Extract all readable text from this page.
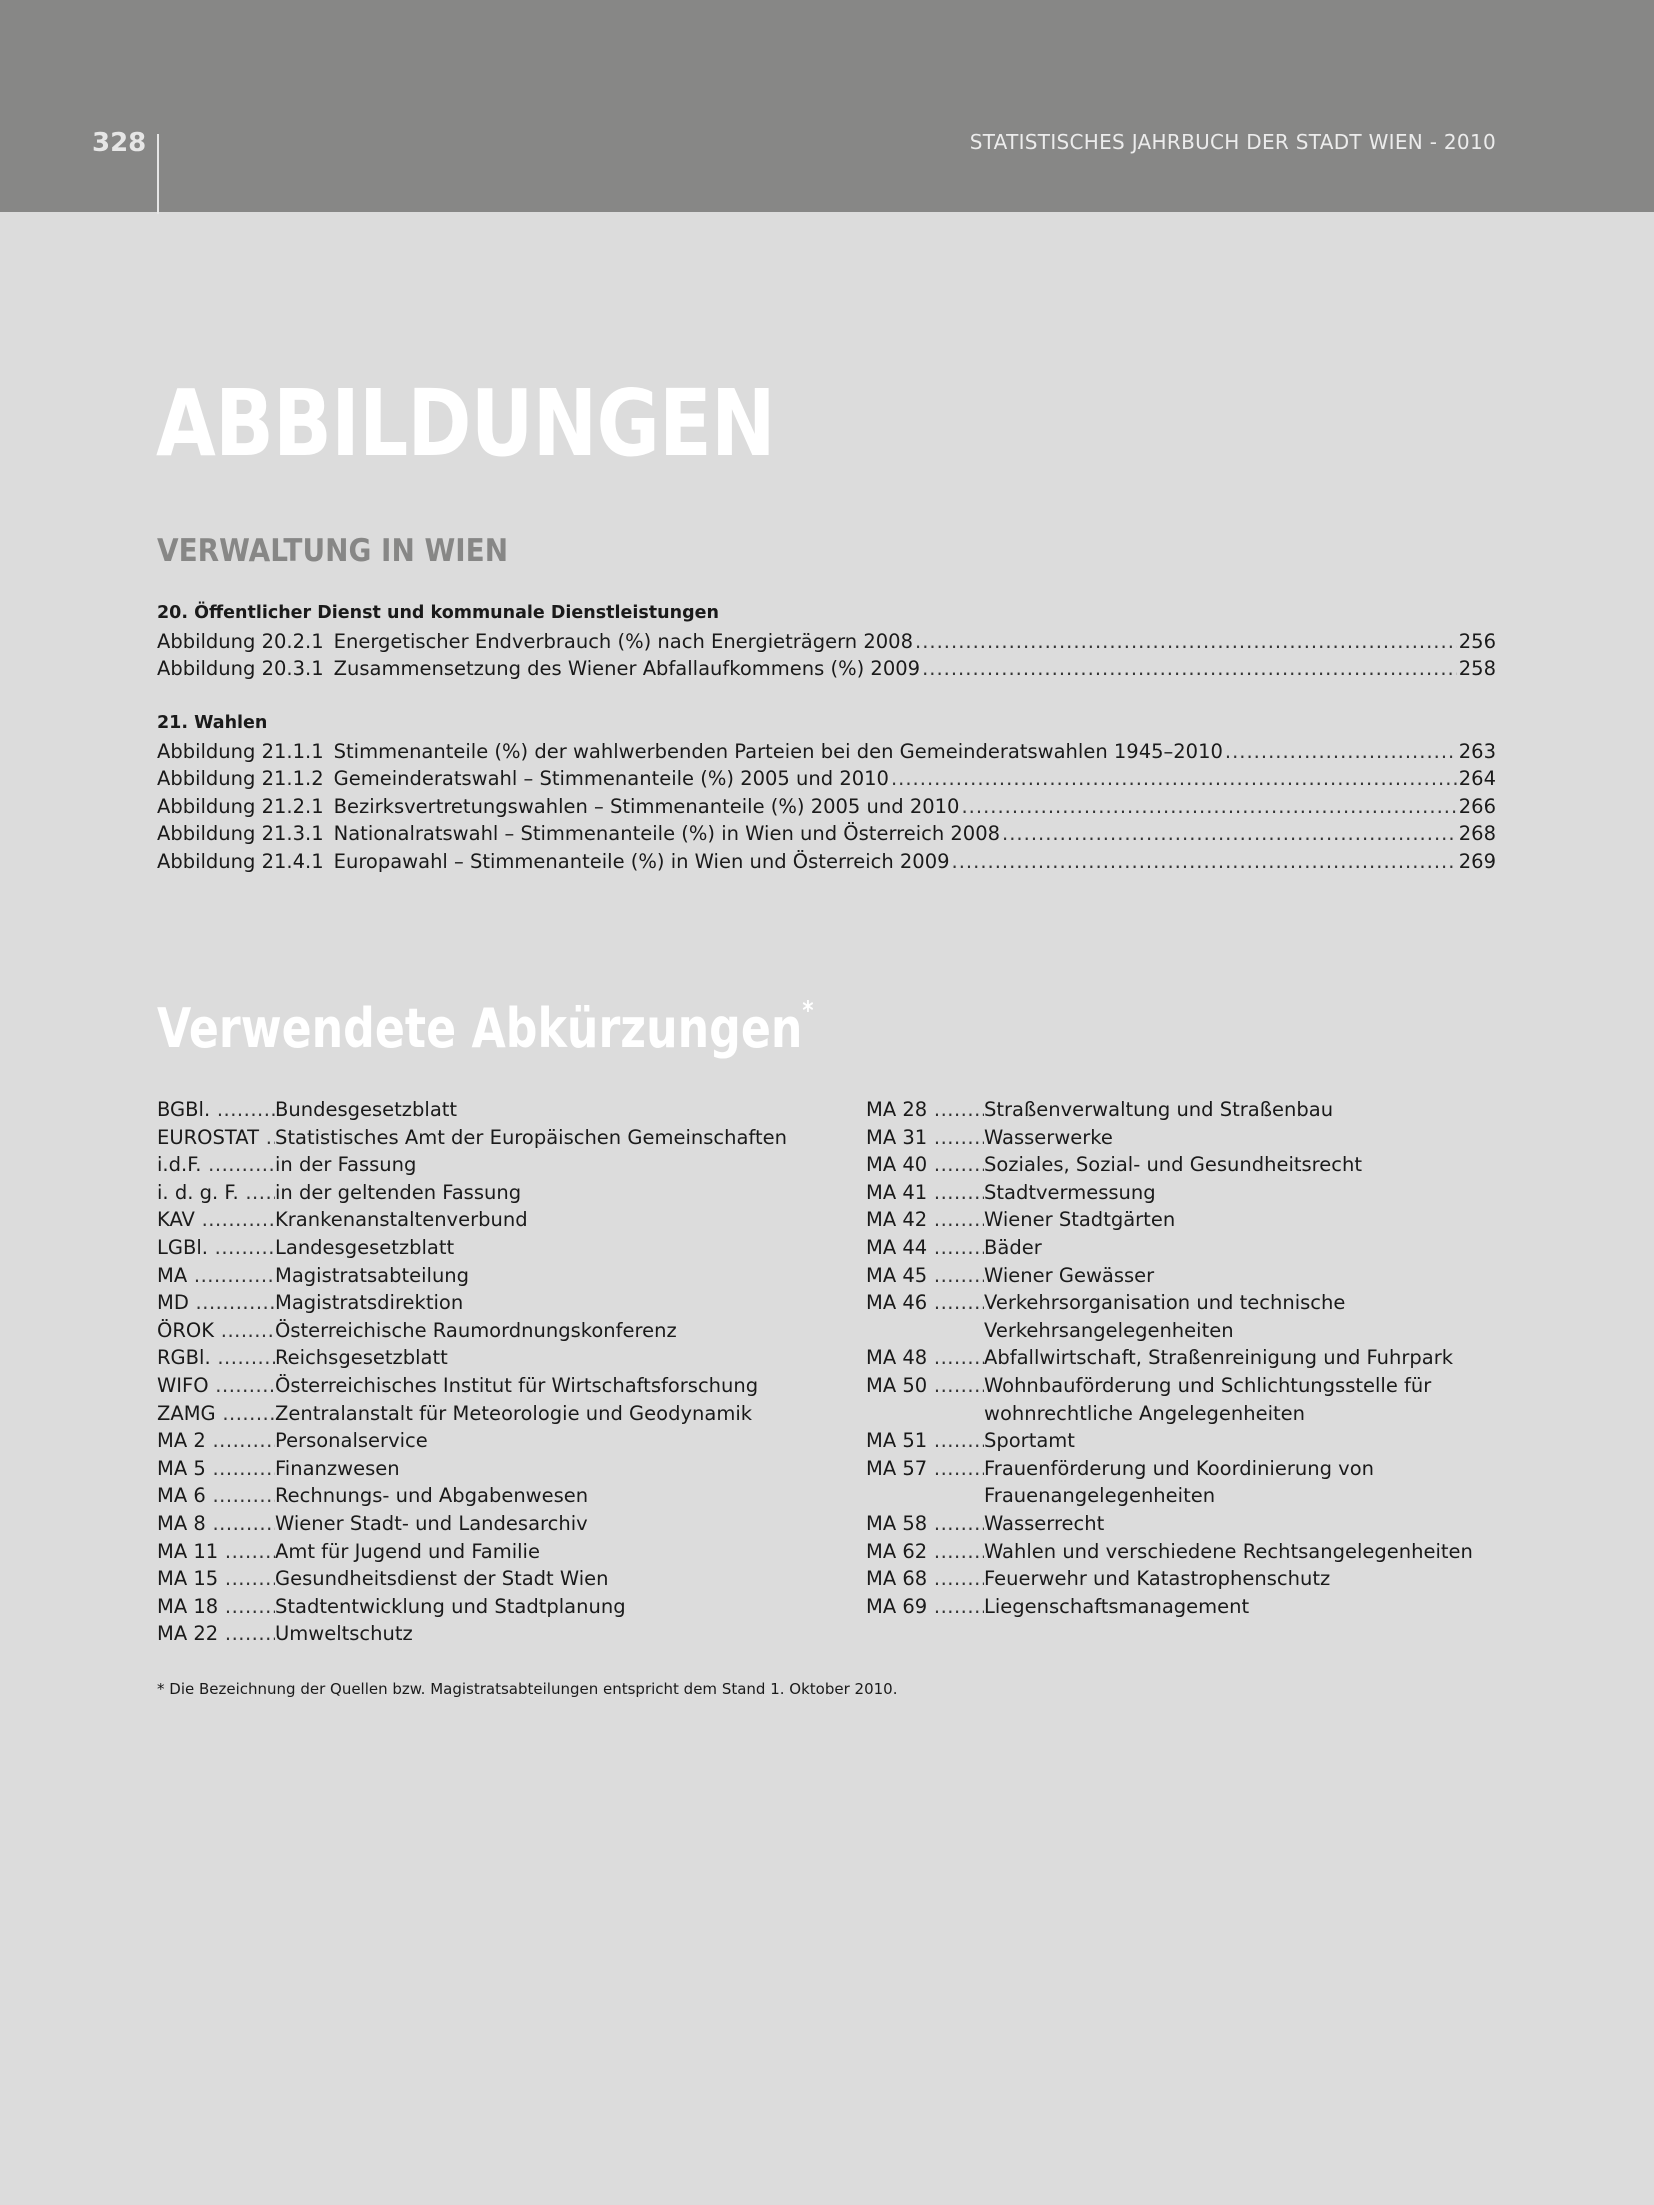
328	STATISTISCHES JAHRBUCH DER STADT WIEN - 2010
ABBILDUNGEN
VERWALTUNG IN WIEN
20. Öffentlicher Dienst und kommunale Dienstleistungen
Abbildung 20.2.1 Energetischer Endverbrauch (%) nach Energieträgern 2008 .....	256
Abbildung 20.3.1 Zusammensetzung des Wiener Abfallaufkommens (%) 2009 .....	258
21. Wahlen
Abbildung 21.1.1 Stimmenanteile (%) der wahlwerbenden Parteien bei den Gemeinderatswahlen 1945–2010 .....	263
Abbildung 21.1.2 Gemeinderatswahl – Stimmenanteile (%) 2005 und 2010 .....	264
Abbildung 21.2.1 Bezirksvertretungswahlen – Stimmenanteile (%) 2005 und 2010 .....	266
Abbildung 21.3.1 Nationalratswahl – Stimmenanteile (%) in Wien und Österreich 2008 .....	268
Abbildung 21.4.1 Europawahl – Stimmenanteile (%) in Wien und Österreich 2009 .....	269
Verwendete Abkürzungen*
BGBl. .....	Bundesgesetzblatt
EUROSTAT ..... Statistisches Amt der Europäischen Gemeinschaften
i.d.F. .....	in der Fassung
i. d. g. F. .....	in der geltenden Fassung
KAV .....	Krankenanstaltenverbund
LGBl. .....	Landesgesetzblatt
MA .....	Magistratsabteilung
MD .....	Magistratsdirektion
ÖROK .....	Österreichische Raumordnungskonferenz
RGBl. .....	Reichsgesetzblatt
WIFO .....	Österreichisches Institut für Wirtschaftsforschung
ZAMG .....	Zentralanstalt für Meteorologie und Geodynamik
MA 2 .....	Personalservice
MA 5 .....	Finanzwesen
MA 6 .....	Rechnungs- und Abgabenwesen
MA 8 .....	Wiener Stadt- und Landesarchiv
MA 11 .....	Amt für Jugend und Familie
MA 15 .....	Gesundheitsdienst der Stadt Wien
MA 18 .....	Stadtentwicklung und Stadtplanung
MA 22 .....	Umweltschutz
MA 28 .....	Straßenverwaltung und Straßenbau
MA 31 .....	Wasserwerke
MA 40 .....	Soziales, Sozial- und Gesundheitsrecht
MA 41 .....	Stadtvermessung
MA 42 .....	Wiener Stadtgärten
MA 44 .....	Bäder
MA 45 .....	Wiener Gewässer
MA 46 .....	Verkehrsorganisation und technische Verkehrsangelegenheiten
MA 48 .....	Abfallwirtschaft, Straßenreinigung und Fuhrpark
MA 50 .....	Wohnbauförderung und Schlichtungsstelle für wohnrechtliche Angelegenheiten
MA 51 .....	Sportamt
MA 57 .....	Frauenförderung und Koordinierung von Frauenangelegenheiten
MA 58 .....	Wasserrecht
MA 62 .....	Wahlen und verschiedene Rechtsangelegenheiten
MA 68 .....	Feuerwehr und Katastrophenschutz
MA 69 .....	Liegenschaftsmanagement
* Die Bezeichnung der Quellen bzw. Magistratsabteilungen entspricht dem Stand 1. Oktober 2010.
